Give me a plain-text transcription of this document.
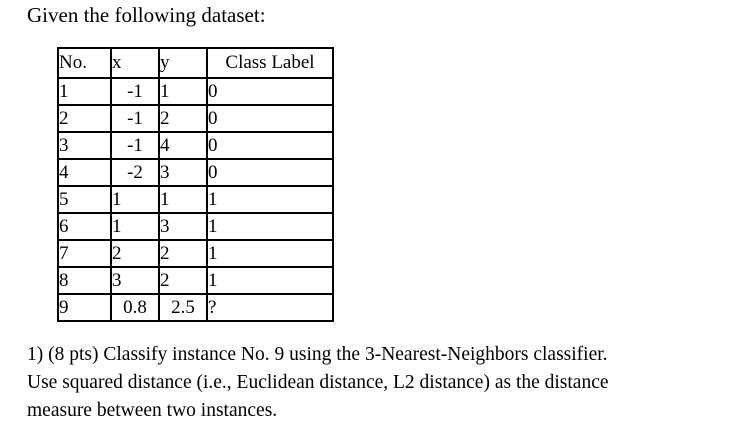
Given the following dataset:
No.	x	y	Class Label
1	-1	1	0
2	-1	2	0
3	-1	4	0
4	-2	3	0
5	1	1	1
6	1	3	1
7	2	2	1
8	3	2	1
9	0.8	2.5	?

1) (8 pts) Classify instance No. 9 using the 3-Nearest-Neighbors classifier.

Use squared distance (i.e., Euclidean distance, L2 distance) as the distance

measure between two instances.
